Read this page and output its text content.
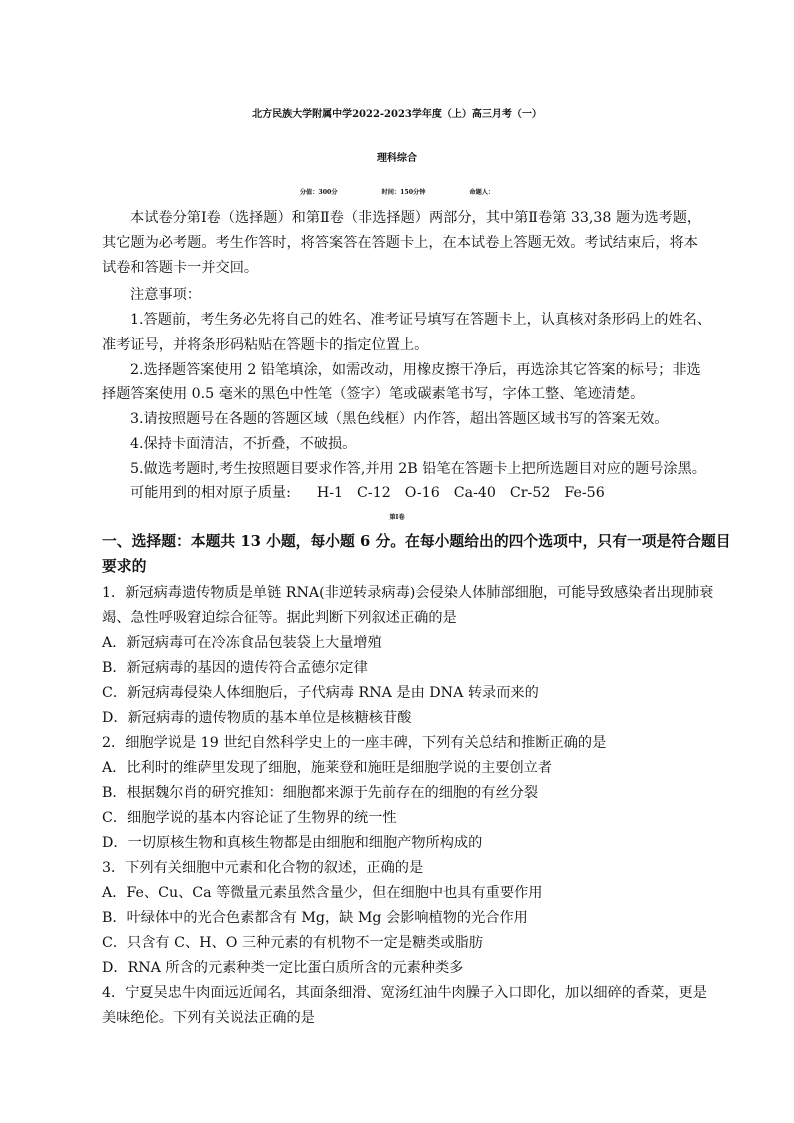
北方民族大学附属中学2022-2023学年度（上）高三月考（一）
理科综合
分值：300分	时间：150分钟	命题人：
本试卷分第Ⅰ卷（选择题）和第Ⅱ卷（非选择题）两部分，其中第Ⅱ卷第 33,38 题为选考题，
其它题为必考题。考生作答时，将答案答在答题卡上，在本试卷上答题无效。考试结束后，将本
试卷和答题卡一并交回。
注意事项：
1.答题前，考生务必先将自己的姓名、准考证号填写在答题卡上，认真核对条形码上的姓名、
准考证号，并将条形码粘贴在答题卡的指定位置上。
2.选择题答案使用 2 铅笔填涂，如需改动，用橡皮擦干净后，再选涂其它答案的标号；非选
择题答案使用 0.5 毫米的黑色中性笔（签字）笔或碳素笔书写，字体工整、笔迹清楚。
3.请按照题号在各题的答题区域（黑色线框）内作答，超出答题区域书写的答案无效。
4.保持卡面清洁，不折叠，不破损。
5.做选考题时,考生按照题目要求作答,并用 2B 铅笔在答题卡上把所选题目对应的题号涂黑。
可能用到的相对原子质量: H-1 C-12 O-16 Ca-40 Cr-52 Fe-56
第Ⅰ卷
一、选择题：本题共 13 小题，每小题 6 分。在每小题给出的四个选项中，只有一项是符合题目
要求的
1．新冠病毒遗传物质是单链 RNA(非逆转录病毒)会侵染人体肺部细胞，可能导致感染者出现肺衰
竭、急性呼吸窘迫综合征等。据此判断下列叙述正确的是
A．新冠病毒可在冷冻食品包装袋上大量增殖
B．新冠病毒的基因的遗传符合孟德尔定律
C．新冠病毒侵染人体细胞后，子代病毒 RNA 是由 DNA 转录而来的
D．新冠病毒的遗传物质的基本单位是核糖核苷酸
2．细胞学说是 19 世纪自然科学史上的一座丰碑，下列有关总结和推断正确的是
A．比利时的维萨里发现了细胞，施莱登和施旺是细胞学说的主要创立者
B．根据魏尔肖的研究推知：细胞都来源于先前存在的细胞的有丝分裂
C．细胞学说的基本内容论证了生物界的统一性
D．一切原核生物和真核生物都是由细胞和细胞产物所构成的
3．下列有关细胞中元素和化合物的叙述，正确的是
A．Fe、Cu、Ca 等微量元素虽然含量少，但在细胞中也具有重要作用
B．叶绿体中的光合色素都含有 Mg，缺 Mg 会影响植物的光合作用
C．只含有 C、H、O 三种元素的有机物不一定是糖类或脂肪
D．RNA 所含的元素种类一定比蛋白质所含的元素种类多
4．宁夏吴忠牛肉面远近闻名，其面条细滑、宽汤红油牛肉臊子入口即化，加以细碎的香菜，更是
美味绝伦。下列有关说法正确的是
